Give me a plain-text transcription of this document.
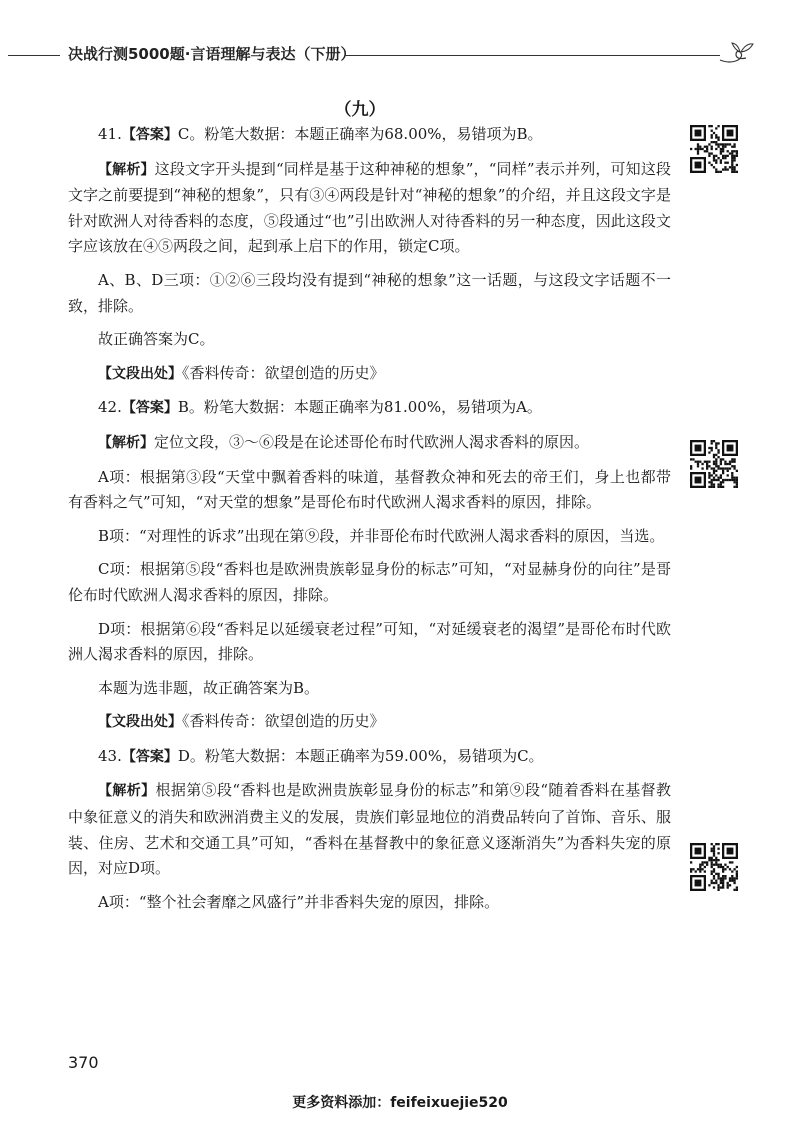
决战行测5000题·言语理解与表达（下册）
（九）

41.【答案】C。粉笔大数据：本题正确率为68.00%，易错项为B。

【解析】这段文字开头提到“同样是基于这种神秘的想象”，“同样”表示并列，可知这段文字之前要提到“神秘的想象”，只有③④两段是针对“神秘的想象”的介绍，并且这段文字是针对欧洲人对待香料的态度，⑤段通过“也”引出欧洲人对待香料的另一种态度，因此这段文字应该放在④⑤两段之间，起到承上启下的作用，锁定C项。

A、B、D三项：①②⑥三段均没有提到“神秘的想象”这一话题，与这段文字话题不一致，排除。

故正确答案为C。

【文段出处】《香料传奇：欲望创造的历史》

42.【答案】B。粉笔大数据：本题正确率为81.00%，易错项为A。

【解析】定位文段，③～⑥段是在论述哥伦布时代欧洲人渴求香料的原因。

A项：根据第③段“天堂中飘着香料的味道，基督教众神和死去的帝王们，身上也都带有香料之气”可知，“对天堂的想象”是哥伦布时代欧洲人渴求香料的原因，排除。

B项：“对理性的诉求”出现在第⑨段，并非哥伦布时代欧洲人渴求香料的原因，当选。

C项：根据第⑤段“香料也是欧洲贵族彰显身份的标志”可知，“对显赫身份的向往”是哥伦布时代欧洲人渴求香料的原因，排除。

D项：根据第⑥段“香料足以延缓衰老过程”可知，“对延缓衰老的渴望”是哥伦布时代欧洲人渴求香料的原因，排除。

本题为选非题，故正确答案为B。

【文段出处】《香料传奇：欲望创造的历史》

43.【答案】D。粉笔大数据：本题正确率为59.00%，易错项为C。

【解析】根据第⑤段“香料也是欧洲贵族彰显身份的标志”和第⑨段“随着香料在基督教中象征意义的消失和欧洲消费主义的发展，贵族们彰显地位的消费品转向了首饰、音乐、服装、住房、艺术和交通工具”可知，“香料在基督教中的象征意义逐渐消失”为香料失宠的原因，对应D项。

A项：“整个社会奢靡之风盛行”并非香料失宠的原因，排除。

370
更多资料添加：feifeixuejie520
